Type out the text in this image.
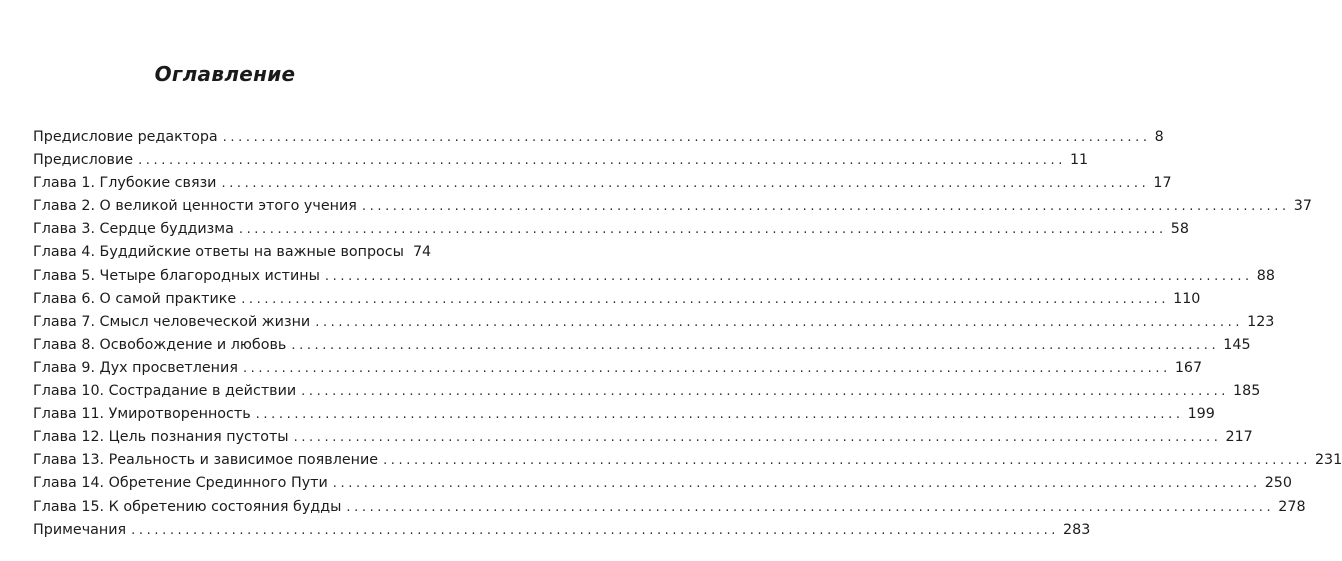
Оглавление
Предисловие редактора ........................................................................................................................ 8
Предисловие ........................................................................................................................ 11
Глава 1. Глубокие связи ........................................................................................................................ 17
Глава 2. О великой ценности этого учения ........................................................................................................................ 37
Глава 3. Сердце буддизма ........................................................................................................................ 58
Глава 4. Буддийские ответы на важные вопросы 74
Глава 5. Четыре благородных истины ........................................................................................................................ 88
Глава 6. О самой практике ........................................................................................................................ 110
Глава 7. Смысл человеческой жизни ........................................................................................................................ 123
Глава 8. Освобождение и любовь ........................................................................................................................ 145
Глава 9. Дух просветления ........................................................................................................................ 167
Глава 10. Сострадание в действии ........................................................................................................................ 185
Глава 11. Умиротворенность ........................................................................................................................ 199
Глава 12. Цель познания пустоты ........................................................................................................................ 217
Глава 13. Реальность и зависимое появление ........................................................................................................................ 231
Глава 14. Обретение Срединного Пути ........................................................................................................................ 250
Глава 15. К обретению состояния будды ........................................................................................................................ 278
Примечания ........................................................................................................................ 283
